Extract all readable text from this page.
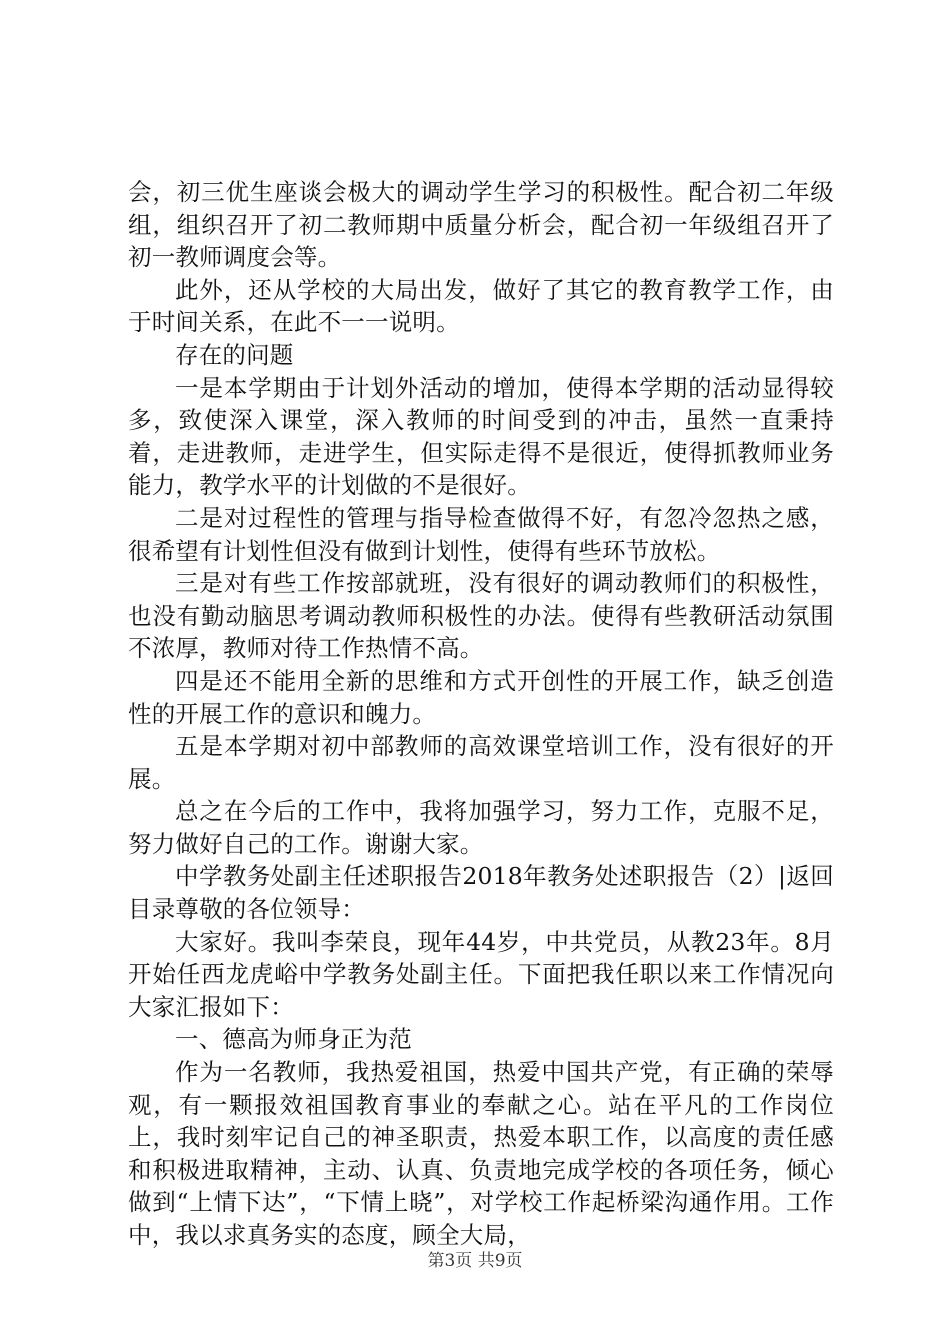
会，初三优生座谈会极大的调动学生学习的积极性。配合初二年级组，组织召开了初二教师期中质量分析会，配合初一年级组召开了初一教师调度会等。

此外，还从学校的大局出发，做好了其它的教育教学工作，由于时间关系，在此不一一说明。

存在的问题

一是本学期由于计划外活动的增加，使得本学期的活动显得较多，致使深入课堂，深入教师的时间受到的冲击，虽然一直秉持着，走进教师，走进学生，但实际走得不是很近，使得抓教师业务能力，教学水平的计划做的不是很好。

二是对过程性的管理与指导检查做得不好，有忽冷忽热之感，很希望有计划性但没有做到计划性，使得有些环节放松。

三是对有些工作按部就班，没有很好的调动教师们的积极性，也没有勤动脑思考调动教师积极性的办法。使得有些教研活动氛围不浓厚，教师对待工作热情不高。

四是还不能用全新的思维和方式开创性的开展工作，缺乏创造性的开展工作的意识和魄力。

五是本学期对初中部教师的高效课堂培训工作，没有很好的开展。

总之在今后的工作中，我将加强学习，努力工作，克服不足，努力做好自己的工作。谢谢大家。

中学教务处副主任述职报告2018年教务处述职报告（2）|返回目录尊敬的各位领导：

大家好。我叫李荣良，现年44岁，中共党员，从教23年。8月开始任西龙虎峪中学教务处副主任。下面把我任职以来工作情况向大家汇报如下：

一、德高为师身正为范

作为一名教师，我热爱祖国，热爱中国共产党，有正确的荣辱观，有一颗报效祖国教育事业的奉献之心。站在平凡的工作岗位上，我时刻牢记自己的神圣职责，热爱本职工作，以高度的责任感和积极进取精神，主动、认真、负责地完成学校的各项任务，倾心做到“上情下达”，“下情上晓”，对学校工作起桥梁沟通作用。工作中，我以求真务实的态度，顾全大局，

第3页 共9页
